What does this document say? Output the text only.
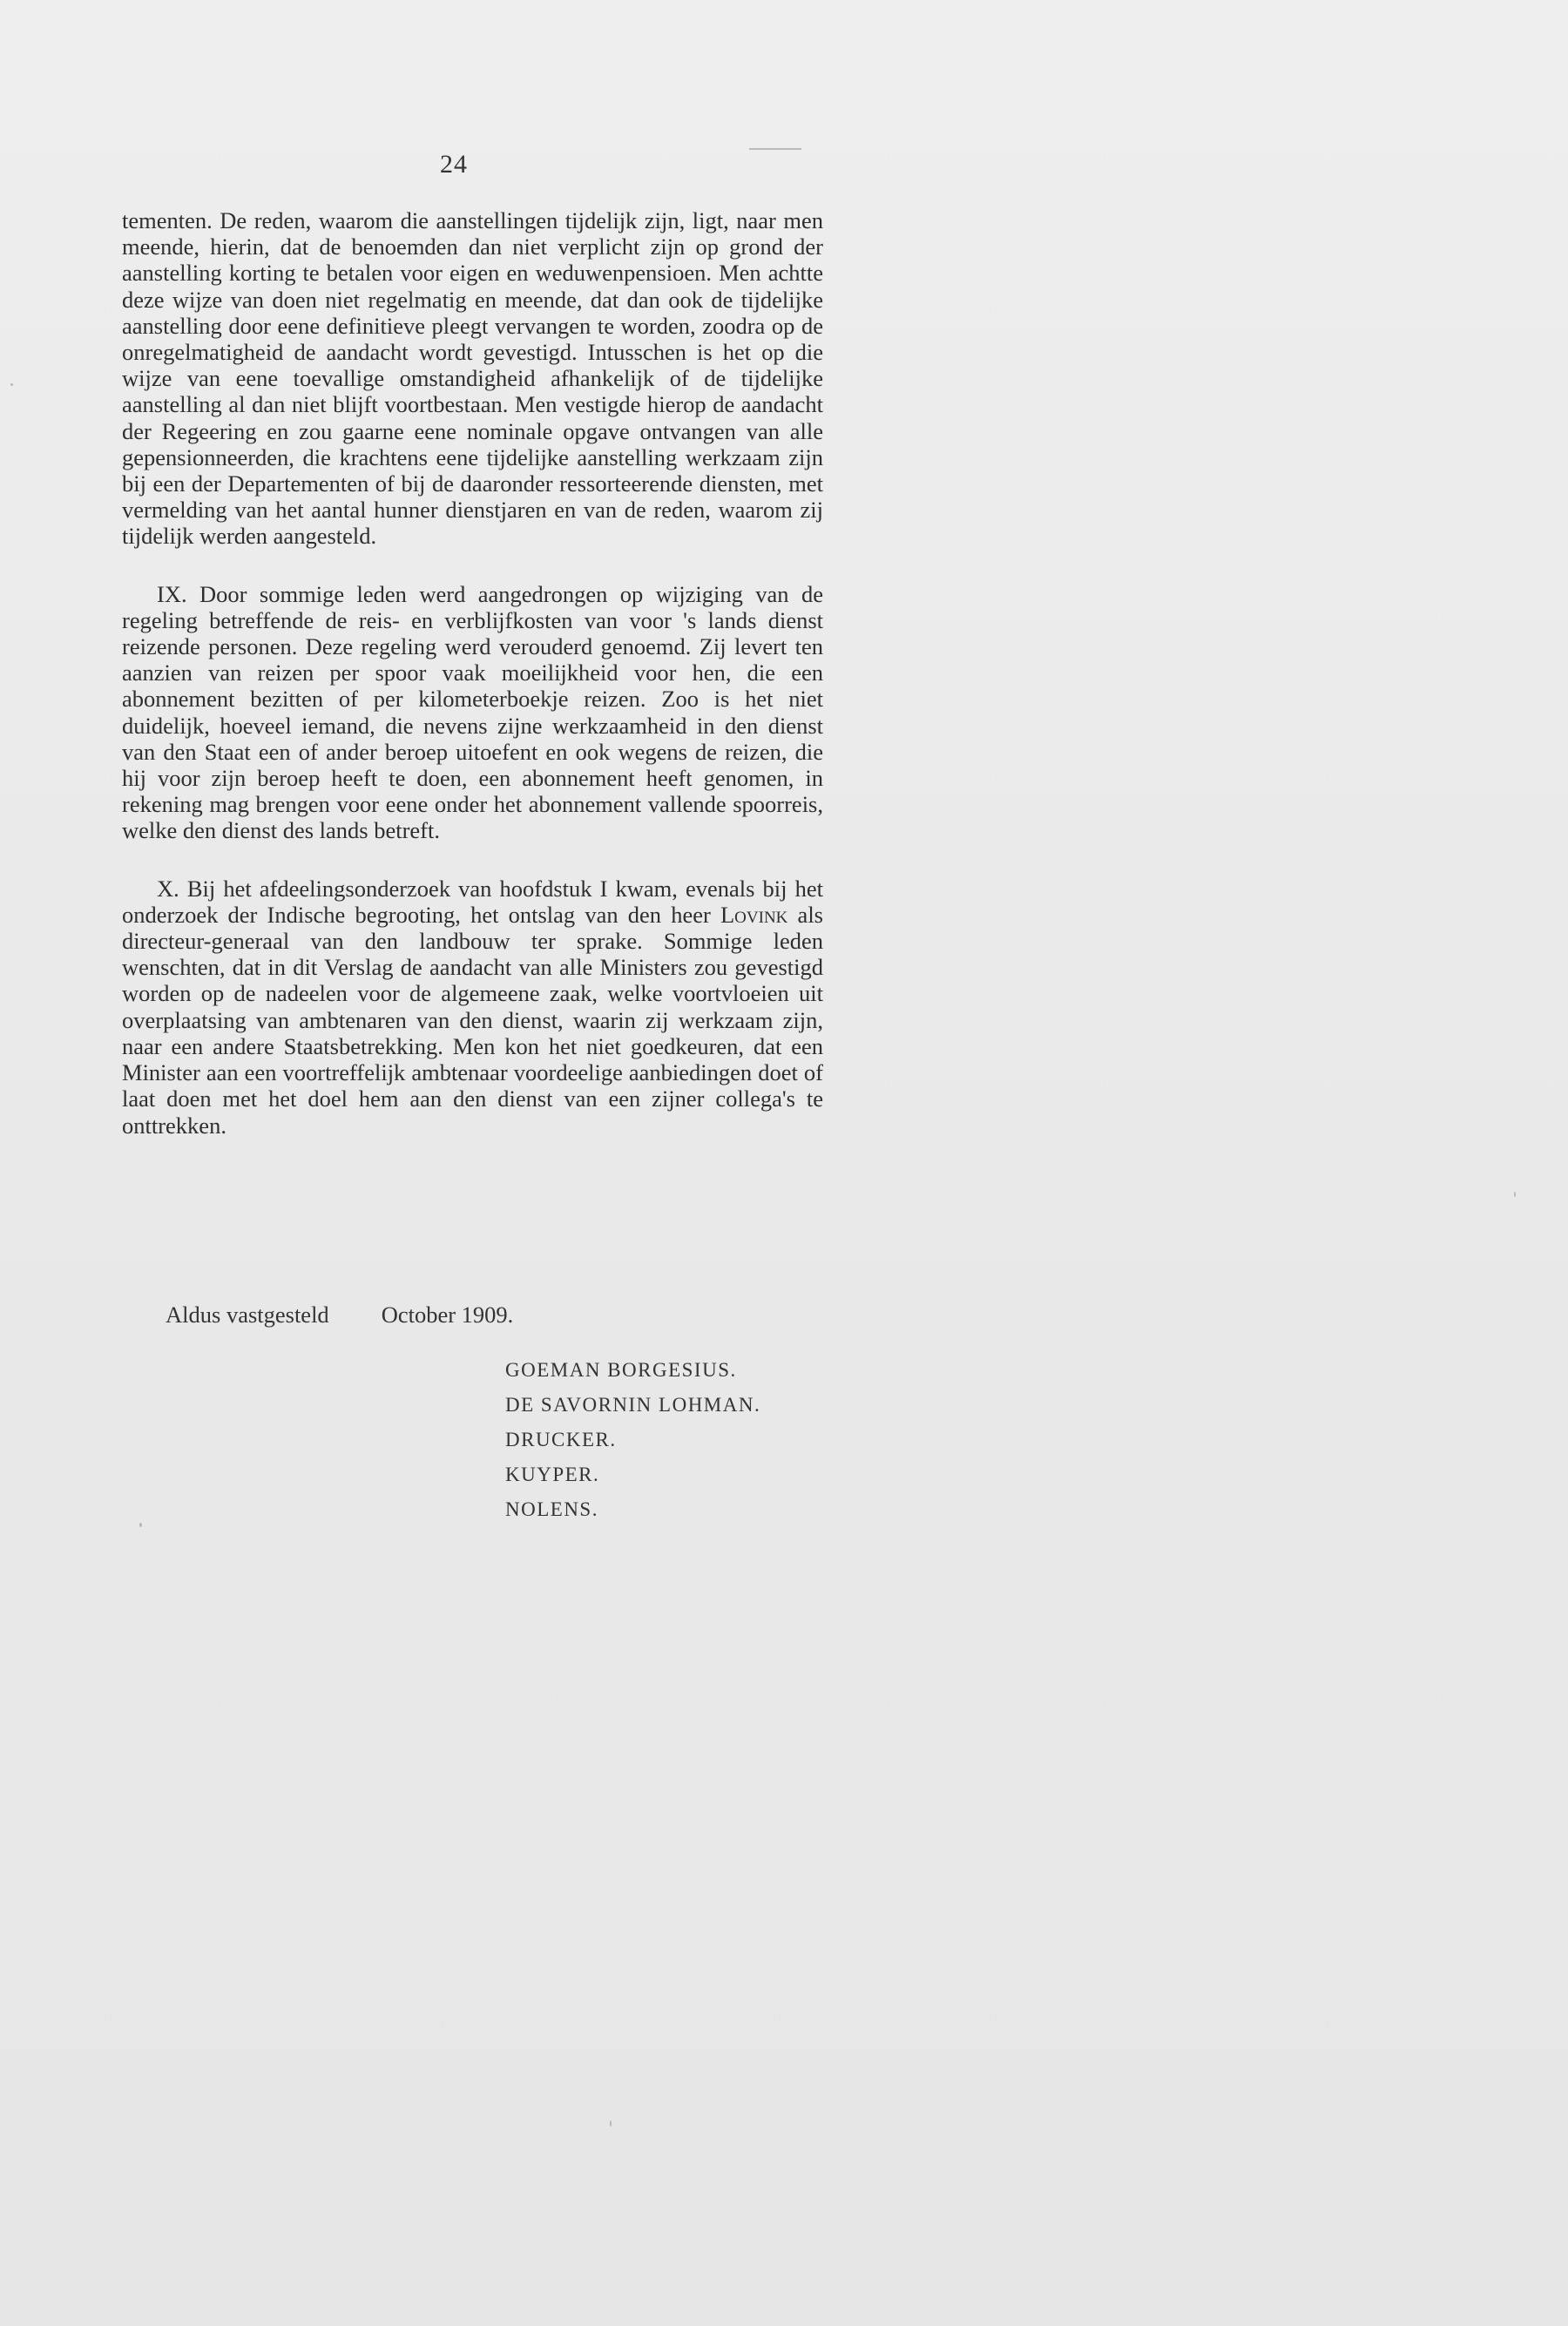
24

tementen. De reden, waarom die aanstellingen tijdelijk zijn, ligt, naar men meende, hierin, dat de benoemden dan niet verplicht zijn op grond der aanstelling korting te betalen voor eigen en weduwenpensioen. Men achtte deze wijze van doen niet regelmatig en meende, dat dan ook de tijdelijke aanstelling door eene definitieve pleegt vervangen te worden, zoodra op de onregelmatigheid de aandacht wordt gevestigd. Intusschen is het op die wijze van eene toevallige omstandigheid afhankelijk of de tijdelijke aanstelling al dan niet blijft voortbestaan. Men vestigde hierop de aandacht der Regeering en zou gaarne eene nominale opgave ontvangen van alle gepensionneerden, die krachtens eene tijdelijke aanstelling werkzaam zijn bij een der Departementen of bij de daaronder ressorteerende diensten, met vermelding van het aantal hunner dienstjaren en van de reden, waarom zij tijdelijk werden aangesteld.

IX. Door sommige leden werd aangedrongen op wijziging van de regeling betreffende de reis- en verblijfkosten van voor 's lands dienst reizende personen. Deze regeling werd verouderd genoemd. Zij levert ten aanzien van reizen per spoor vaak moeilijkheid voor hen, die een abonnement bezitten of per kilometerboekje reizen. Zoo is het niet duidelijk, hoeveel iemand, die nevens zijne werkzaamheid in den dienst van den Staat een of ander beroep uitoefent en ook wegens de reizen, die hij voor zijn beroep heeft te doen, een abonnement heeft genomen, in rekening mag brengen voor eene onder het abonnement vallende spoorreis, welke den dienst des lands betreft.

X. Bij het afdeelingsonderzoek van hoofdstuk I kwam, evenals bij het onderzoek der Indische begrooting, het ontslag van den heer Lovink als directeur-generaal van den landbouw ter sprake. Sommige leden wenschten, dat in dit Verslag de aandacht van alle Ministers zou gevestigd worden op de nadeelen voor de algemeene zaak, welke voortvloeien uit overplaatsing van ambtenaren van den dienst, waarin zij werkzaam zijn, naar een andere Staatsbetrekking. Men kon het niet goedkeuren, dat een Minister aan een voortreffelijk ambtenaar voordeelige aanbiedingen doet of laat doen met het doel hem aan den dienst van een zijner collega's te onttrekken.

Aldus vastgesteld October 1909.
GOEMAN BORGESIUS.
DE SAVORNIN LOHMAN.
DRUCKER.
KUYPER.
NOLENS.
